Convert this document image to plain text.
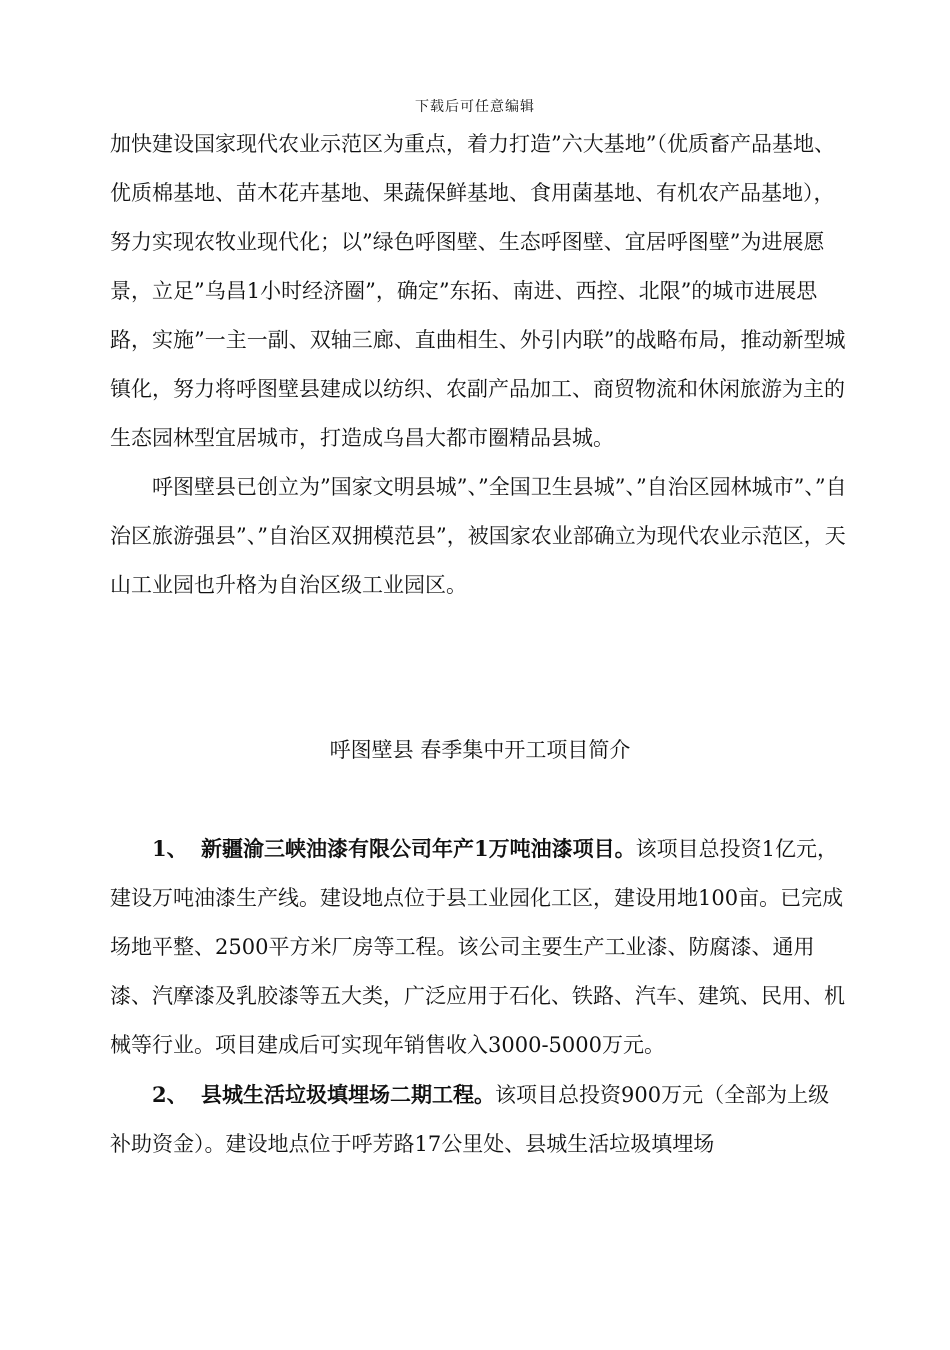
下载后可任意编辑

加快建设国家现代农业示范区为重点，着力打造”六大基地”（优质畜产品基地、优质棉基地、苗木花卉基地、果蔬保鲜基地、食用菌基地、有机农产品基地），努力实现农牧业现代化；以”绿色呼图壁、生态呼图壁、宜居呼图壁”为进展愿景，立足”乌昌1小时经济圈”，确定”东拓、南进、西控、北限”的城市进展思路，实施”一主一副、双轴三廊、直曲相生、外引内联”的战略布局，推动新型城镇化，努力将呼图壁县建成以纺织、农副产品加工、商贸物流和休闲旅游为主的生态园林型宜居城市，打造成乌昌大都市圈精品县城。

呼图壁县已创立为”国家文明县城”、”全国卫生县城”、”自治区园林城市”、”自治区旅游强县”、”自治区双拥模范县”，被国家农业部确立为现代农业示范区，天山工业园也升格为自治区级工业园区。

呼图壁县 春季集中开工项目简介

1、 新疆渝三峡油漆有限公司年产1万吨油漆项目。该项目总投资1亿元，建设万吨油漆生产线。建设地点位于县工业园化工区，建设用地100亩。已完成场地平整、2500平方米厂房等工程。该公司主要生产工业漆、防腐漆、通用漆、汽摩漆及乳胶漆等五大类，广泛应用于石化、铁路、汽车、建筑、民用、机械等行业。项目建成后可实现年销售收入3000-5000万元。

2、 县城生活垃圾填埋场二期工程。该项目总投资900万元（全部为上级补助资金）。建设地点位于呼芳路17公里处、县城生活垃圾填埋场
